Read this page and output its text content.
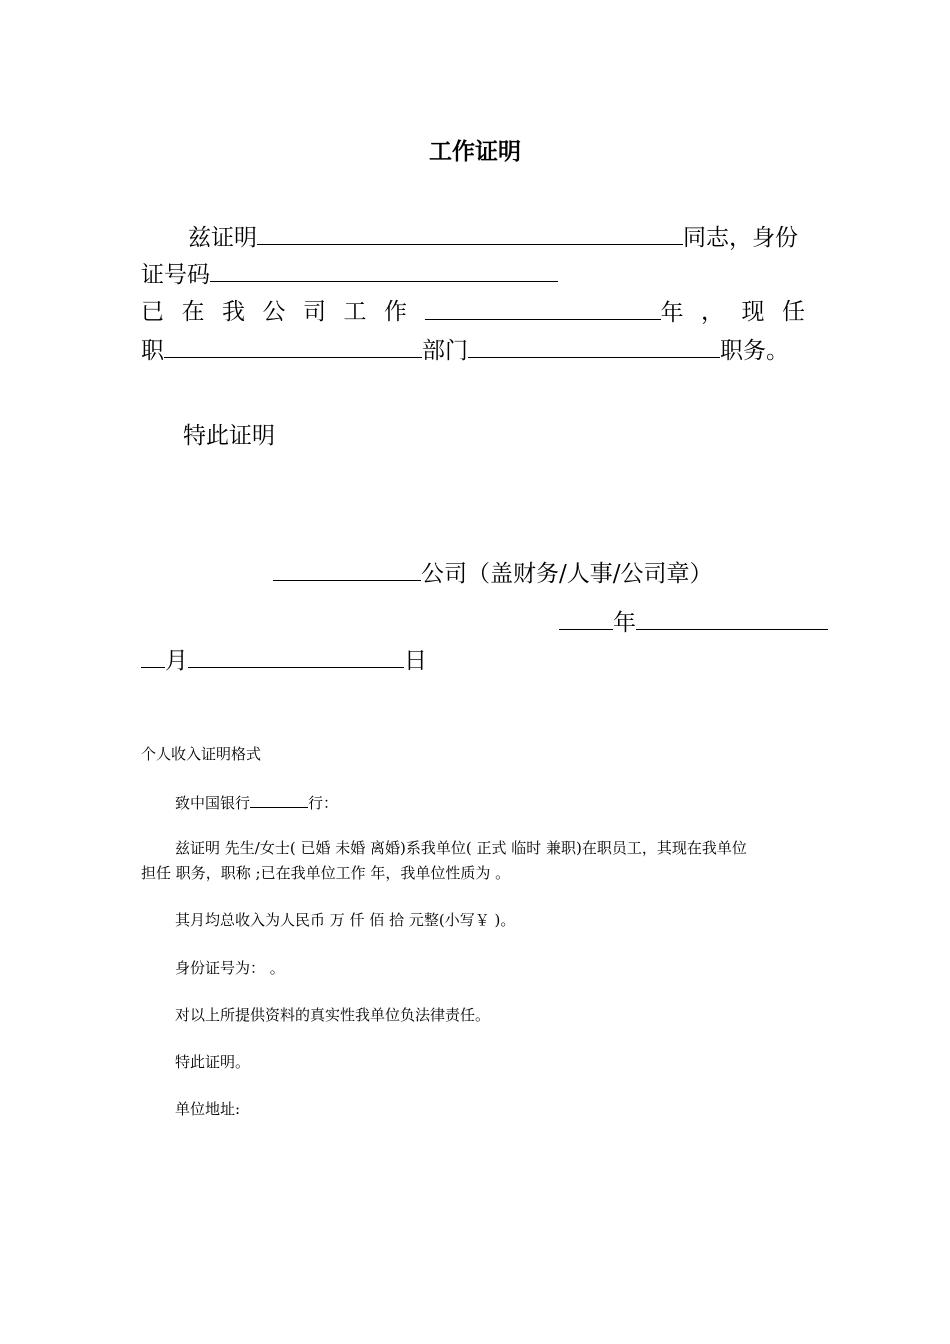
工作证明
兹证明	同志，身份
证号码
已 在 我 公 司 工 作	年 ， 现 任
职	部门	职务。
特此证明
公司（盖财务/人事/公司章）
年
月	日
个人收入证明格式
致中国银行	行：
兹证明 先生/女士( 已婚 未婚 离婚)系我单位( 正式 临时 兼职)在职员工，其现在我单位
担任 职务，职称 ;已在我单位工作 年，我单位性质为 。
其月均总收入为人民币 万 仟 佰 拾 元整(小写￥ )。
身份证号为： 。
对以上所提供资料的真实性我单位负法律责任。
特此证明。
单位地址:
